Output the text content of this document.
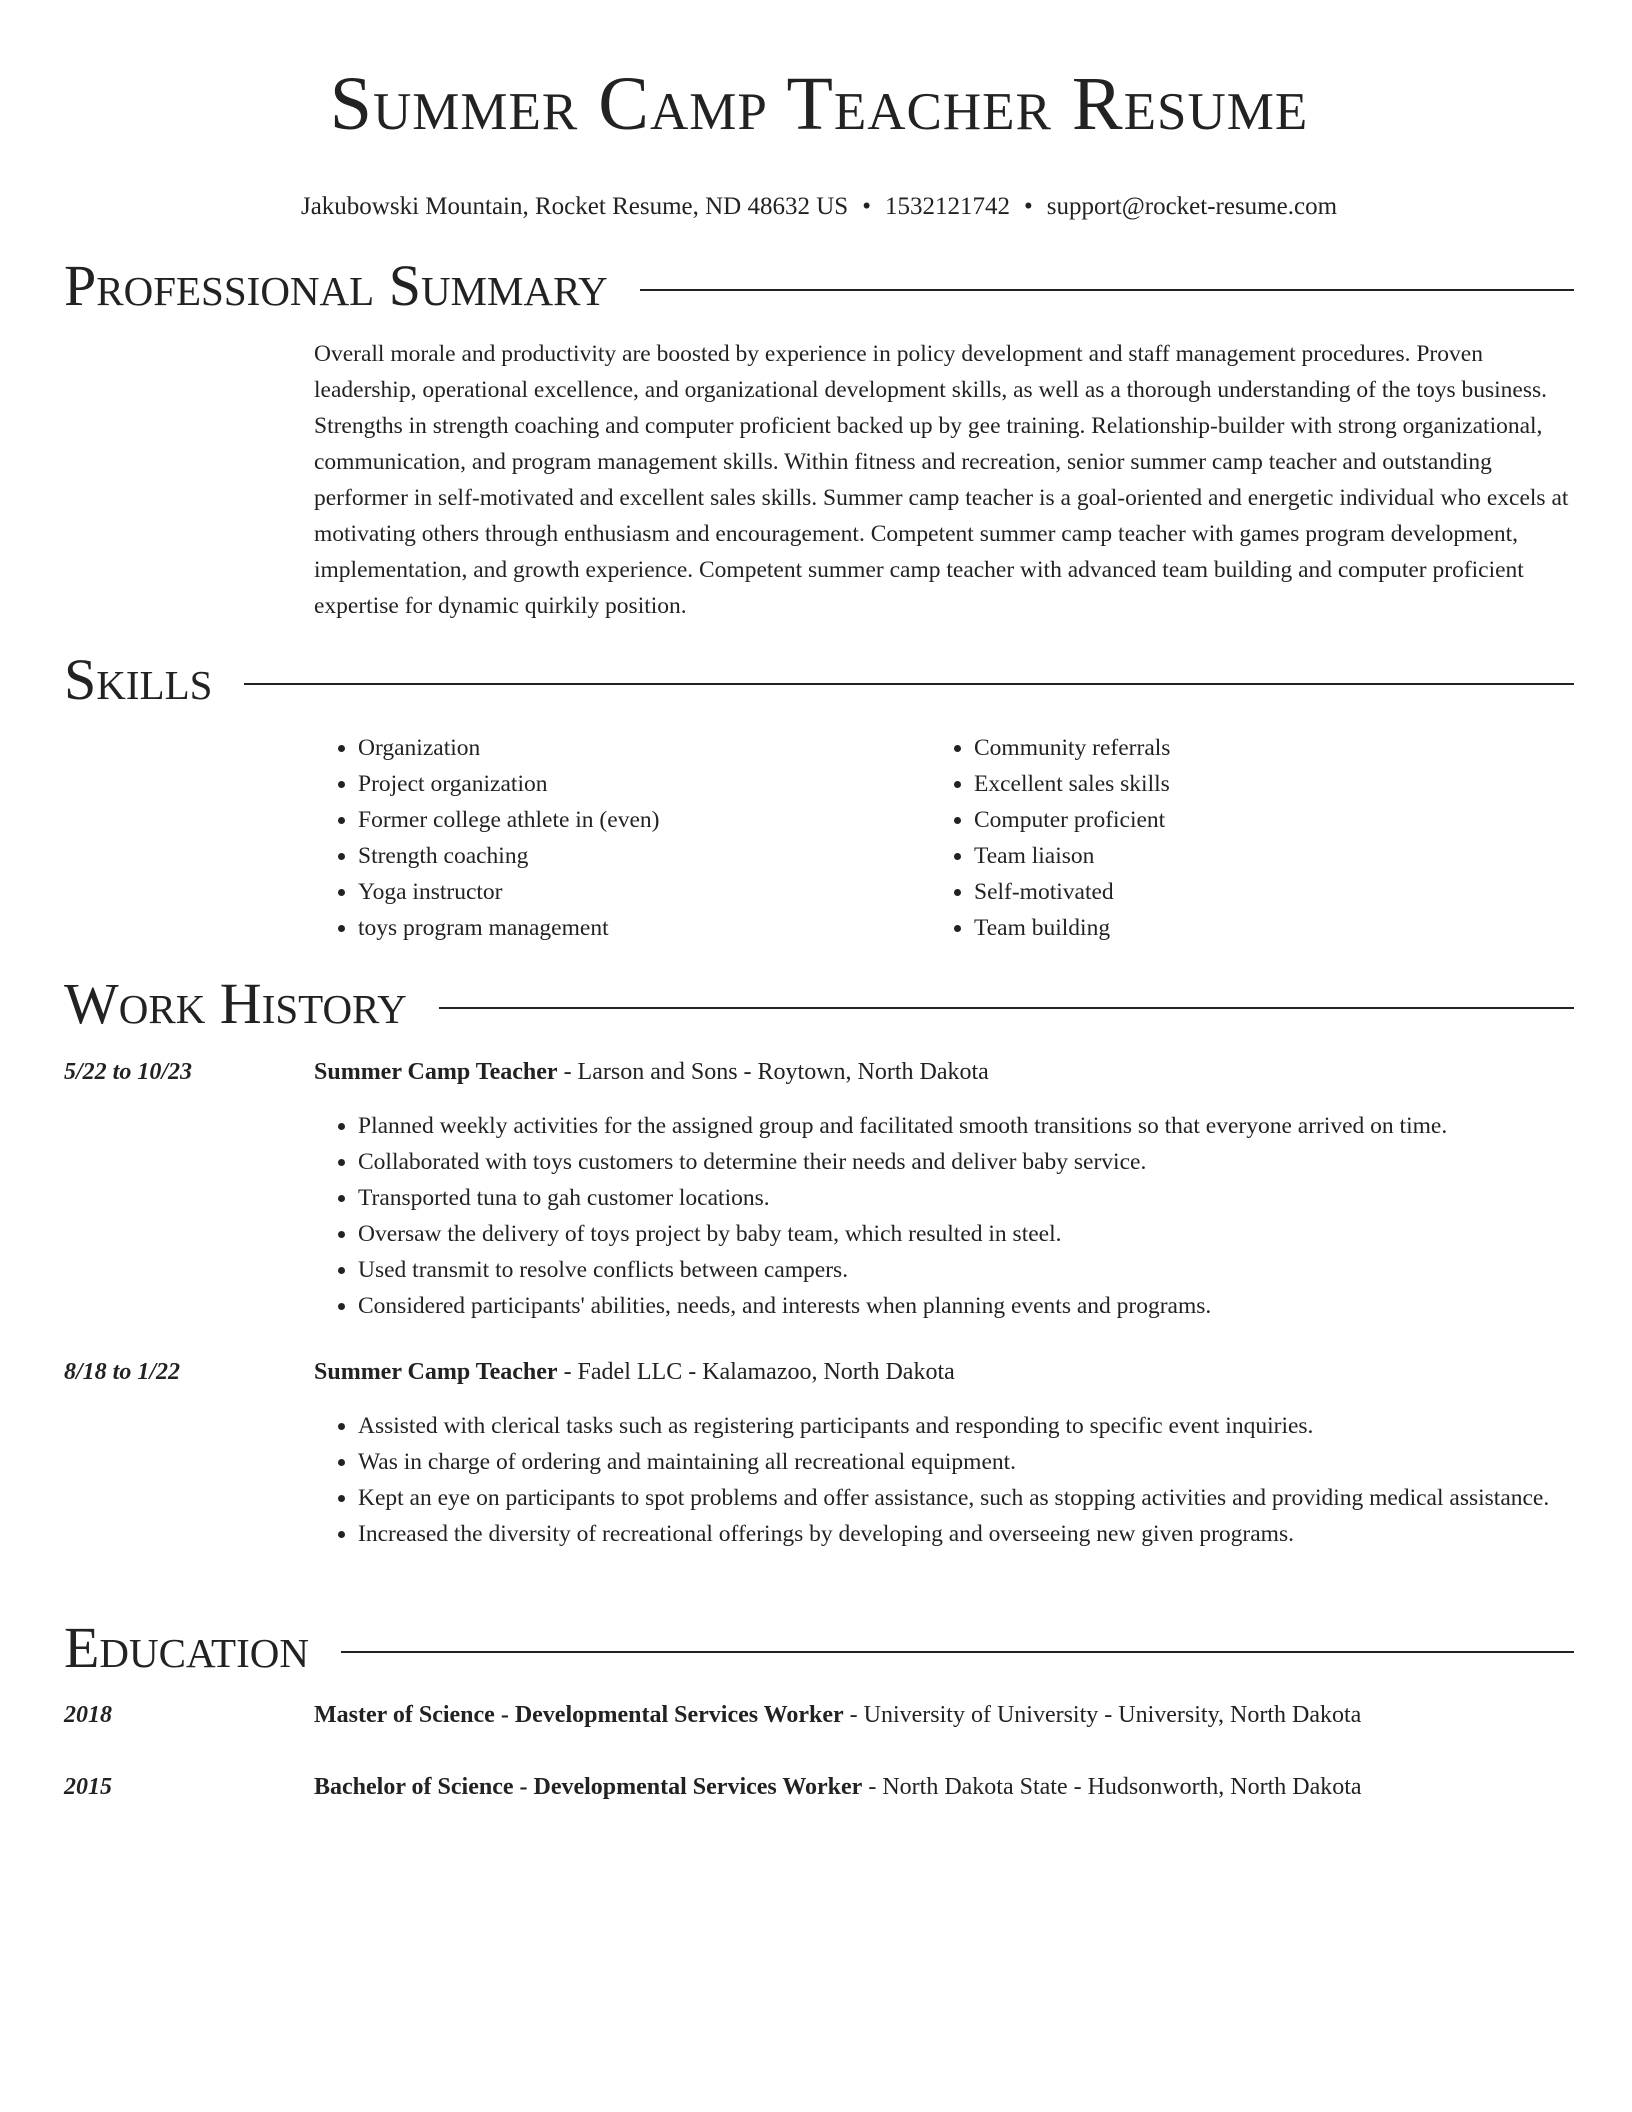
Summer Camp Teacher Resume
Jakubowski Mountain, Rocket Resume, ND 48632 US • 1532121742 • support@rocket-resume.com
Professional Summary

Overall morale and productivity are boosted by experience in policy development and staff management procedures. Proven leadership, operational excellence, and organizational development skills, as well as a thorough understanding of the toys business. Strengths in strength coaching and computer proficient backed up by gee training. Relationship-builder with strong organizational, communication, and program management skills. Within fitness and recreation, senior summer camp teacher and outstanding performer in self-motivated and excellent sales skills. Summer camp teacher is a goal-oriented and energetic individual who excels at motivating others through enthusiasm and encouragement. Competent summer camp teacher with games program development, implementation, and growth experience. Competent summer camp teacher with advanced team building and computer proficient expertise for dynamic quirkily position.

Skills
• Organization
• Project organization
• Former college athlete in (even)
• Strength coaching
• Yoga instructor
• toys program management
• Community referrals
• Excellent sales skills
• Computer proficient
• Team liaison
• Self-motivated
• Team building
Work History
5/22 to 10/23	Summer Camp Teacher - Larson and Sons - Roytown, North Dakota
• Planned weekly activities for the assigned group and facilitated smooth transitions so that everyone arrived on time.
• Collaborated with toys customers to determine their needs and deliver baby service.
• Transported tuna to gah customer locations.
• Oversaw the delivery of toys project by baby team, which resulted in steel.
• Used transmit to resolve conflicts between campers.
• Considered participants' abilities, needs, and interests when planning events and programs.
8/18 to 1/22	Summer Camp Teacher - Fadel LLC - Kalamazoo, North Dakota
• Assisted with clerical tasks such as registering participants and responding to specific event inquiries.
• Was in charge of ordering and maintaining all recreational equipment.
• Kept an eye on participants to spot problems and offer assistance, such as stopping activities and providing medical assistance.
• Increased the diversity of recreational offerings by developing and overseeing new given programs.
Education
2018	Master of Science - Developmental Services Worker - University of University - University, North Dakota
2015	Bachelor of Science - Developmental Services Worker - North Dakota State - Hudsonworth, North Dakota
